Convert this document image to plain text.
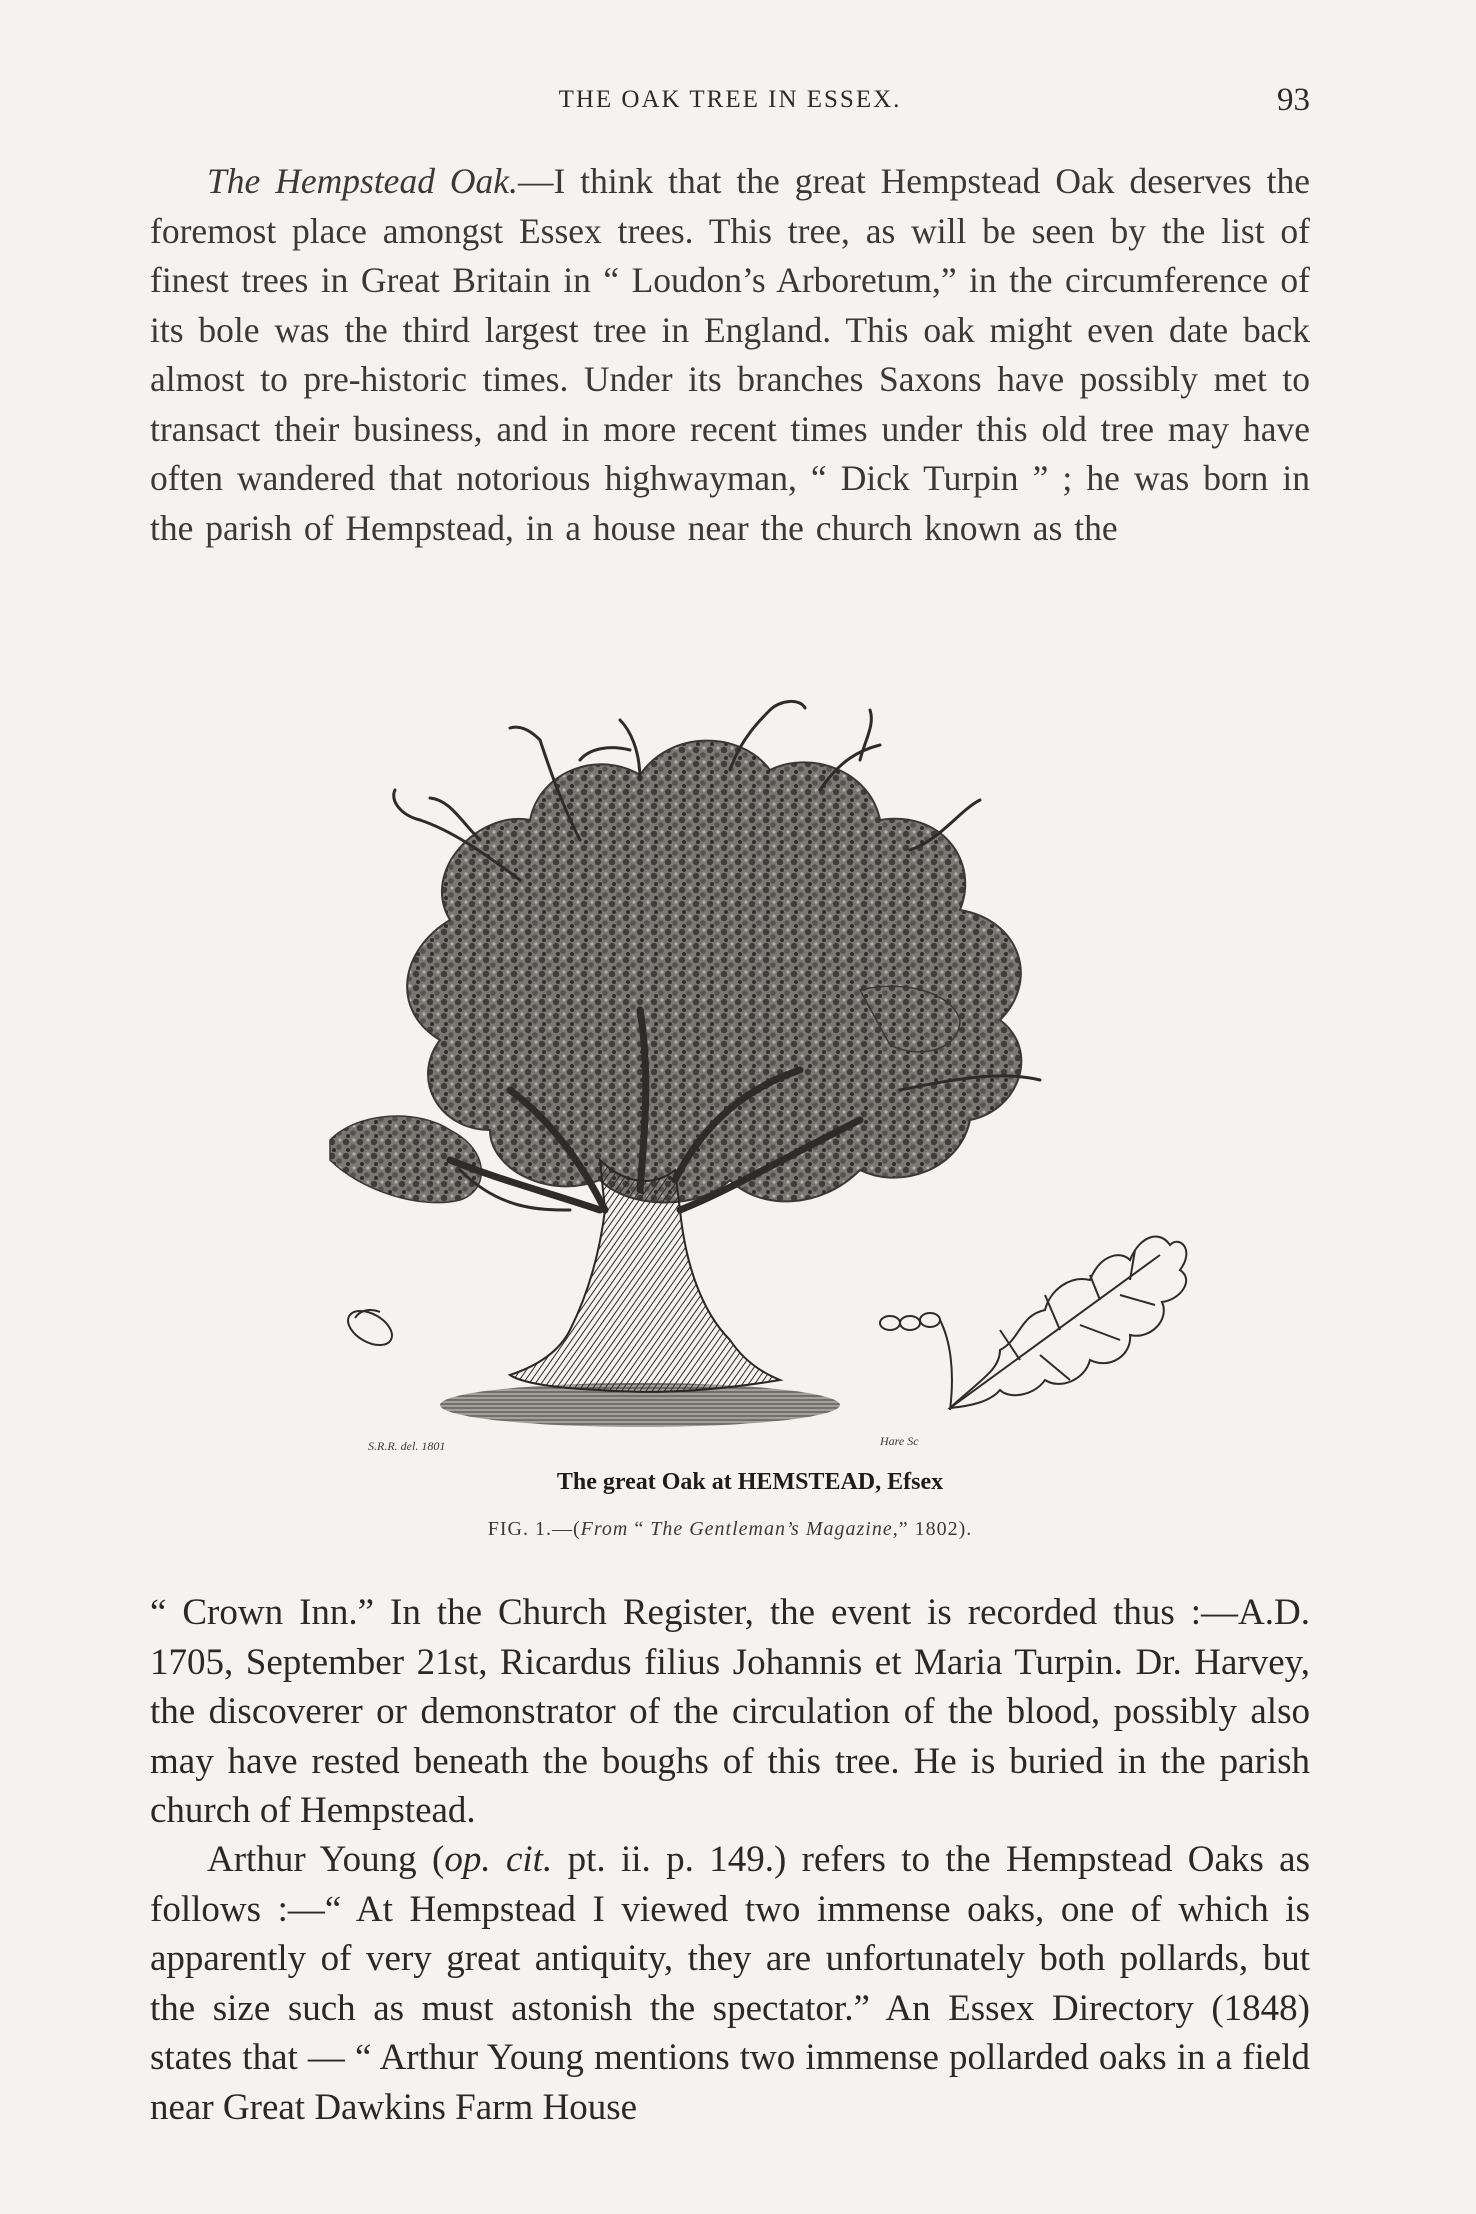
THE OAK TREE IN ESSEX.	93

The Hempstead Oak.—I think that the great Hempstead Oak deserves the foremost place amongst Essex trees. This tree, as will be seen by the list of finest trees in Great Britain in “ Loudon’s Arboretum,” in the circumference of its bole was the third largest tree in England. This oak might even date back almost to pre-historic times. Under its branches Saxons have possibly met to transact their business, and in more recent times under this old tree may have often wandered that notorious highwayman, “ Dick Turpin ” ; he was born in the parish of Hempstead, in a house near the church known as the

S.R.R. del. 1801	Hare Sc
The great Oak at HEMSTEAD, Efsex
FIG. 1.—(From “ The Gentleman’s Magazine,” 1802).

“ Crown Inn.” In the Church Register, the event is recorded thus :—A.D. 1705, September 21st, Ricardus filius Johannis et Maria Turpin. Dr. Harvey, the discoverer or demonstrator of the circulation of the blood, possibly also may have rested beneath the boughs of this tree. He is buried in the parish church of Hempstead.

Arthur Young (op. cit. pt. ii. p. 149.) refers to the Hempstead Oaks as follows :—“ At Hempstead I viewed two immense oaks, one of which is apparently of very great antiquity, they are unfortunately both pollards, but the size such as must astonish the spectator.” An Essex Directory (1848) states that — “ Arthur Young mentions two immense pollarded oaks in a field near Great Dawkins Farm House
